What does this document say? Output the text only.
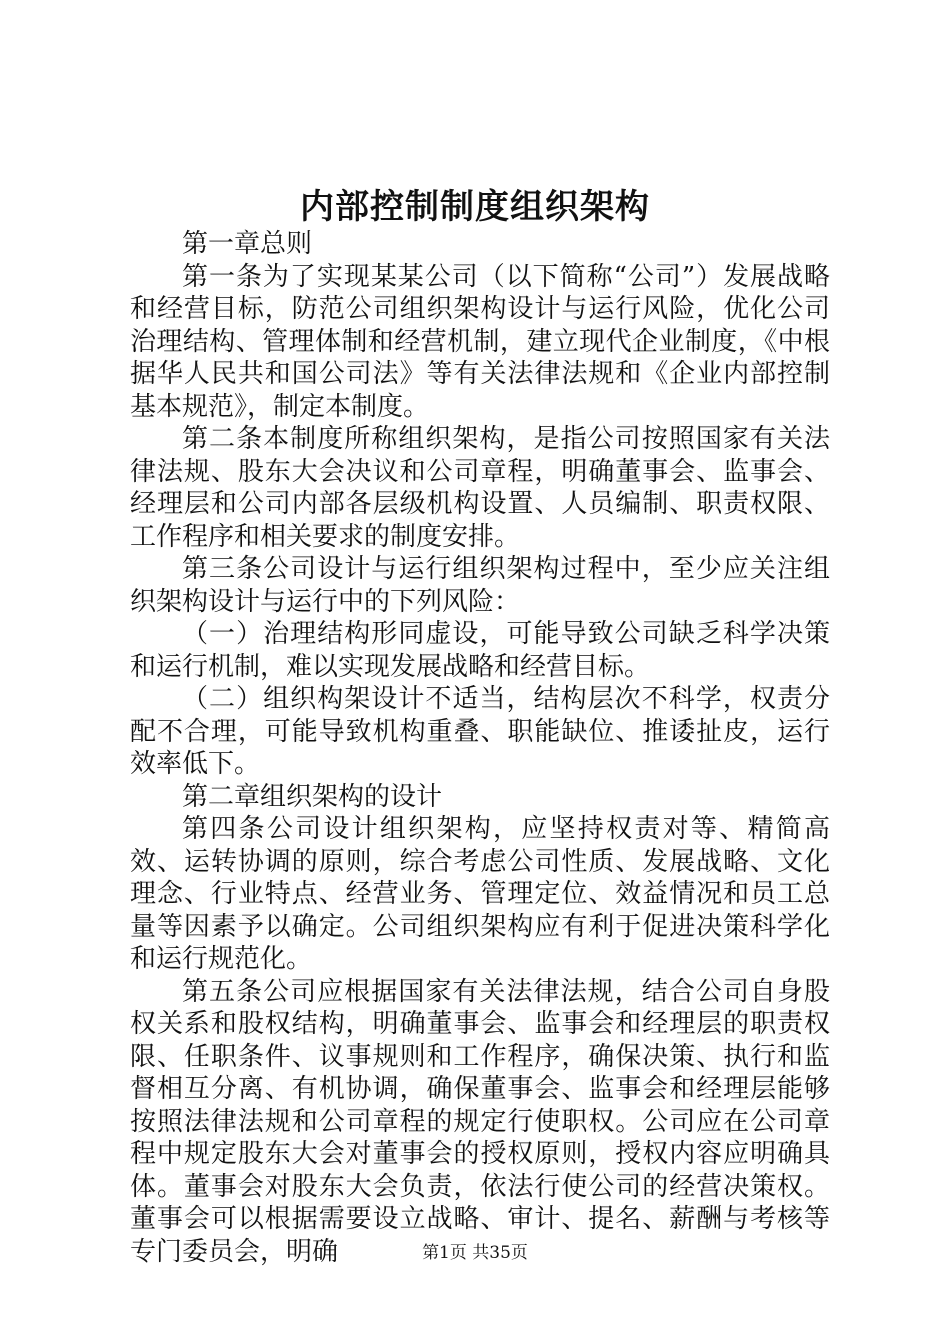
内部控制制度组织架构

第一章总则

第一条为了实现某某公司（以下简称“公司”）发展战略和经营目标，防范公司组织架构设计与运行风险，优化公司治理结构、管理体制和经营机制，建立现代企业制度，《中根据华人民共和国公司法》等有关法律法规和《企业内部控制基本规范》，制定本制度。

第二条本制度所称组织架构，是指公司按照国家有关法律法规、股东大会决议和公司章程，明确董事会、监事会、经理层和公司内部各层级机构设置、人员编制、职责权限、工作程序和相关要求的制度安排。

第三条公司设计与运行组织架构过程中，至少应关注组织架构设计与运行中的下列风险：

（一）治理结构形同虚设，可能导致公司缺乏科学决策和运行机制，难以实现发展战略和经营目标。

（二）组织构架设计不适当，结构层次不科学，权责分配不合理，可能导致机构重叠、职能缺位、推诿扯皮，运行效率低下。

第二章组织架构的设计

第四条公司设计组织架构，应坚持权责对等、精简高效、运转协调的原则，综合考虑公司性质、发展战略、文化理念、行业特点、经营业务、管理定位、效益情况和员工总量等因素予以确定。公司组织架构应有利于促进决策科学化和运行规范化。

第五条公司应根据国家有关法律法规，结合公司自身股权关系和股权结构，明确董事会、监事会和经理层的职责权限、任职条件、议事规则和工作程序，确保决策、执行和监督相互分离、有机协调，确保董事会、监事会和经理层能够按照法律法规和公司章程的规定行使职权。公司应在公司章程中规定股东大会对董事会的授权原则，授权内容应明确具体。董事会对股东大会负责，依法行使公司的经营决策权。董事会可以根据需要设立战略、审计、提名、薪酬与考核等专门委员会，明确	第1页 共35页
